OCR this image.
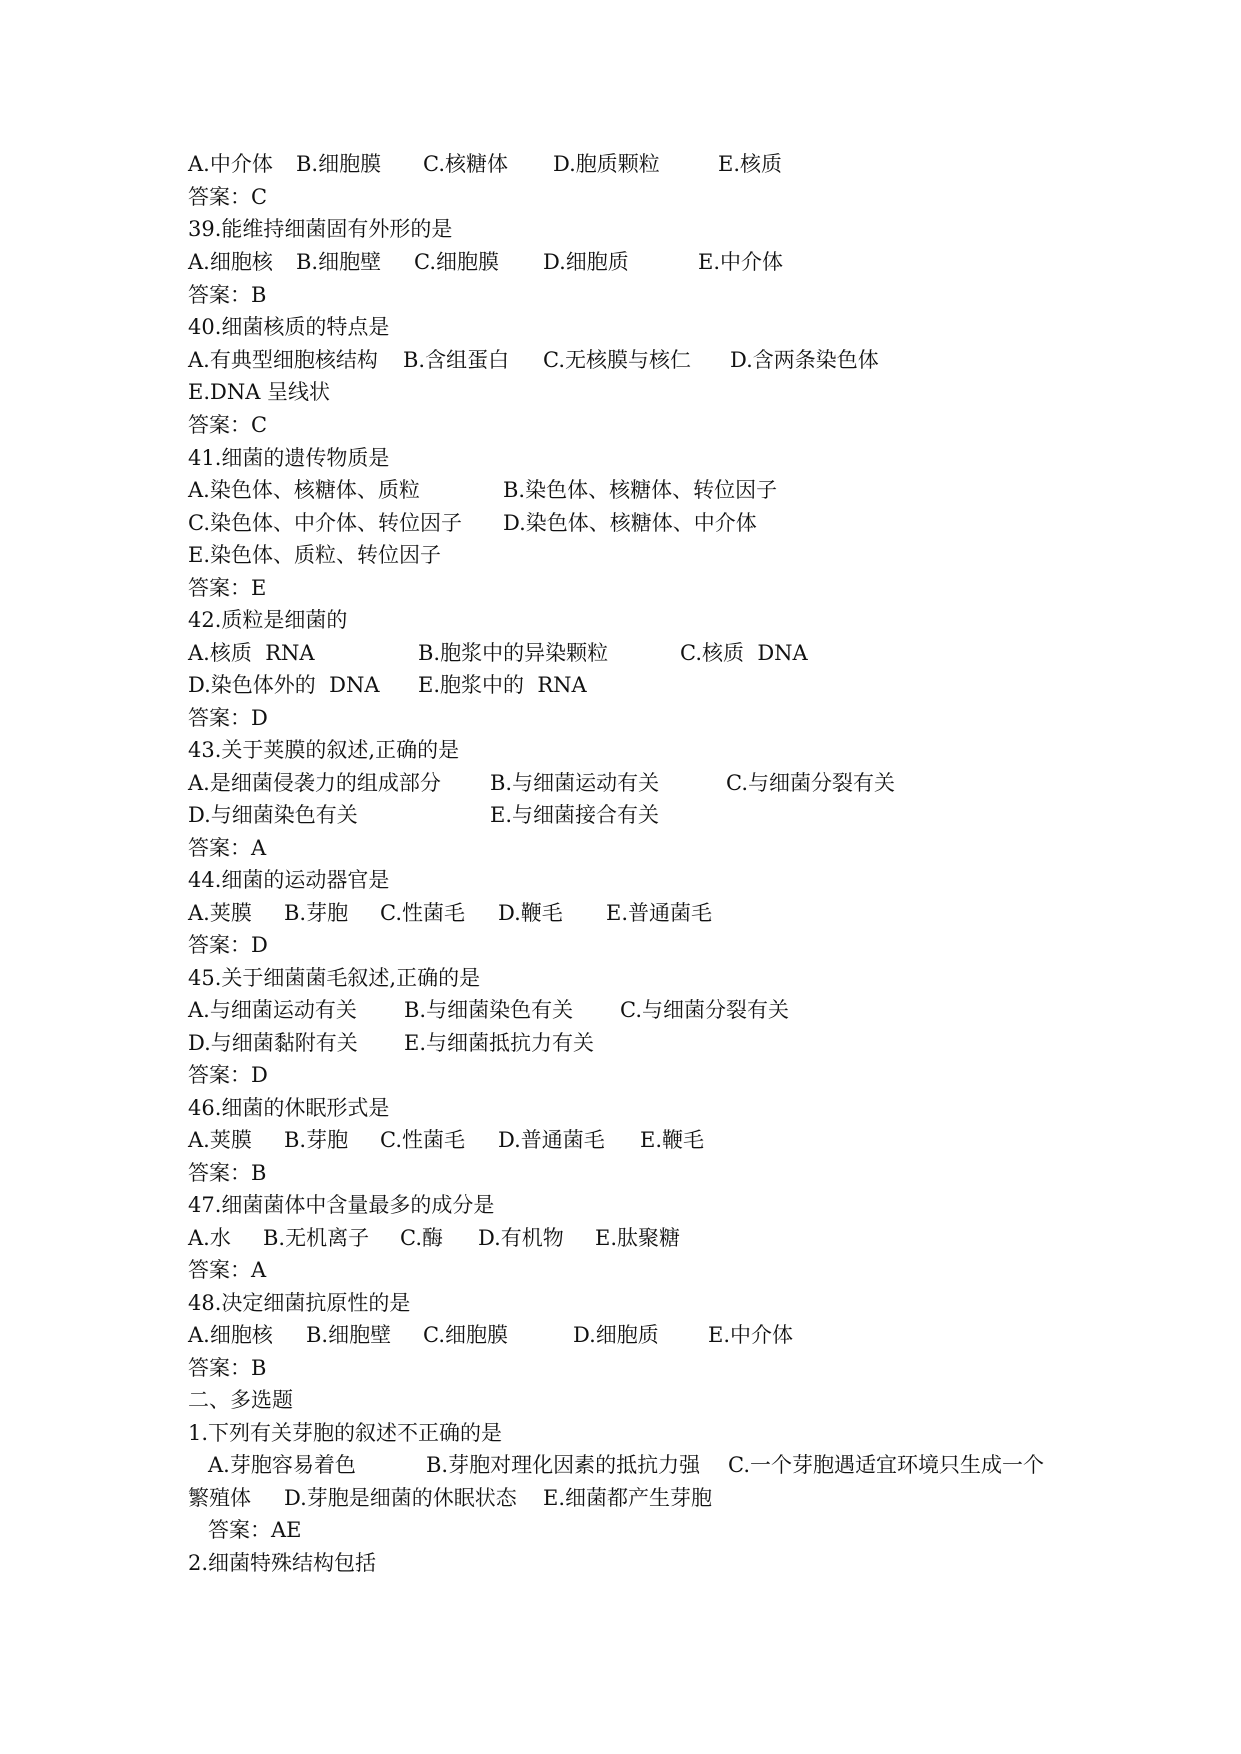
A.中介体

B.细胞膜

C.核糖体

D.胞质颗粒

	E.核质

答案：C

39.能维持细菌固有外形的是

A.细胞核

B.细胞壁

C.细胞膜

D.细胞质

	E.中介体

答案：B

40.细菌核质的特点是

A.有典型细胞核结构

B.含组蛋白

C.无核膜与核仁

D.含两条染色体

E.DNA 呈线状

答案：C

41.细菌的遗传物质是

A.染色体、核糖体、质粒

	B.染色体、核糖体、转位因子

C.染色体、中介体、转位因子

D.染色体、核糖体、中介体

E.染色体、质粒、转位因子

答案：E

42.质粒是细菌的

A.核质  RNA

	B.胞浆中的异染颗粒

	C.核质  DNA

D.染色体外的  DNA

E.胞浆中的  RNA

答案：D

43.关于荚膜的叙述,正确的是

A.是细菌侵袭力的组成部分

B.与细菌运动有关

	C.与细菌分裂有关

D.与细菌染色有关

	E.与细菌接合有关

答案：A

44.细菌的运动器官是

A.荚膜

B.芽胞

C.性菌毛

D.鞭毛

E.普通菌毛

答案：D

45.关于细菌菌毛叙述,正确的是

A.与细菌运动有关

B.与细菌染色有关

C.与细菌分裂有关

D.与细菌黏附有关

E.与细菌抵抗力有关

答案：D

46.细菌的休眠形式是

A.荚膜

B.芽胞

C.性菌毛

D.普通菌毛

E.鞭毛

答案：B

47.细菌菌体中含量最多的成分是

A.水

B.无机离子

C.酶

D.有机物

E.肽聚糖

答案：A

48.决定细菌抗原性的是

A.细胞核

B.细胞壁

C.细胞膜

	D.细胞质

E.中介体

答案：B

二、多选题

1.下列有关芽胞的叙述不正确的是

A.芽胞容易着色

	B.芽胞对理化因素的抵抗力强

C.一个芽胞遇适宜环境只生成一个

繁殖体

D.芽胞是细菌的休眠状态

E.细菌都产生芽胞

答案：AE

2.细菌特殊结构包括
